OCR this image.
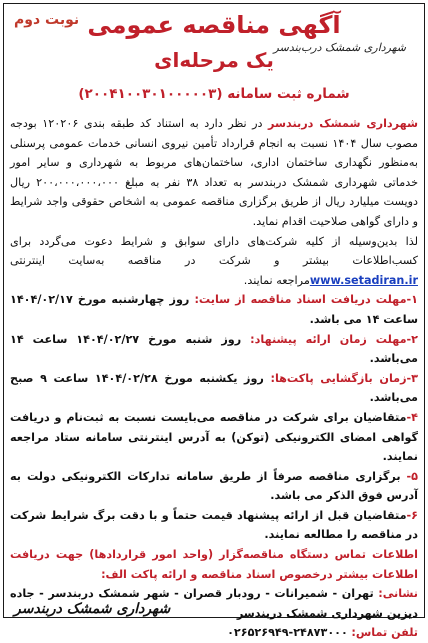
شهرداری شمشک درب‌بندسر
نوبت دوم آگهی مناقصه عمومی
یک مرحله‌ای
شماره ثبت سامانه (۲۰۰۴۱۰۰۳۰۱۰۰۰۰۰۳)

شهرداری شمشک دربندسر در نظر دارد به استناد کد طبقه بندی ۱۲۰۲۰۶ بودجه مصوب سال ۱۴۰۴ نسبت به انجام قرارداد تأمین نیروی انسانی خدمات عمومی پرسنلی به‌منظور نگهداری ساختمان اداری، ساختمان‌های مربوط به شهرداری و سایر امور خدماتی شهرداری شمشک دربندسر به تعداد ۳۸ نفر به مبلغ ۲۰۰،۰۰۰،۰۰۰،۰۰۰ ریال دویست میلیارد ریال از طریق برگزاری مناقصه عمومی به اشخاص حقوقی واجد شرایط و دارای گواهی صلاحیت اقدام نماید.

لذا بدین‌وسیله از کلیه شرکت‌های دارای سوابق و شرایط دعوت می‌گردد برای کسب‌اطلاعات بیشتر و شرکت در مناقصه به‌سایت اینترنتی www.setadiran.irمراجعه نمایند.

۱-مهلت دریافت اسناد مناقصه از سایت: روز چهارشنبه مورخ ۱۴۰۴/۰۲/۱۷ ساعت ۱۴ می باشد.

۲-مهلت زمان ارائه پیشنهاد: روز شنبه مورخ ۱۴۰۴/۰۲/۲۷ ساعت ۱۴ می‌باشد.

۳-زمان بازگشایی پاکت‌ها: روز یکشنبه مورخ ۱۴۰۴/۰۲/۲۸ ساعت ۹ صبح می‌باشد.

۴-متقاضیان برای شرکت در مناقصه می‌بایست نسبت به ثبت‌نام و دریافت گواهی امضای الکترونیکی (توکن) به آدرس اینترنتی سامانه ستاد مراجعه نمایند.

۵- برگزاری مناقصه صرفاً از طریق سامانه تدارکات الکترونیکی دولت به آدرس فوق الذکر می باشد.

۶-متقاضیان قبل از ارائه پیشنهاد قیمت حتماً و با دقت برگ شرایط شرکت در مناقصه را مطالعه نمایند.

اطلاعات تماس دستگاه مناقصه‌گزار (واحد امور قراردادها) جهت دریافت اطلاعات بیشتر درخصوص اسناد مناقصه و ارائه پاکت الف:

نشانی: تهران - شمیرانات - رودبار قصران - شهر شمشک دربندسر - جاده دیزین شهرداری شمشک دربندسر

تلفن تماس: ۰۲۶۵۲۶۹۴۹-۲۴۸۷۳۰۰۰

شهرداری شمشک دربندسر
